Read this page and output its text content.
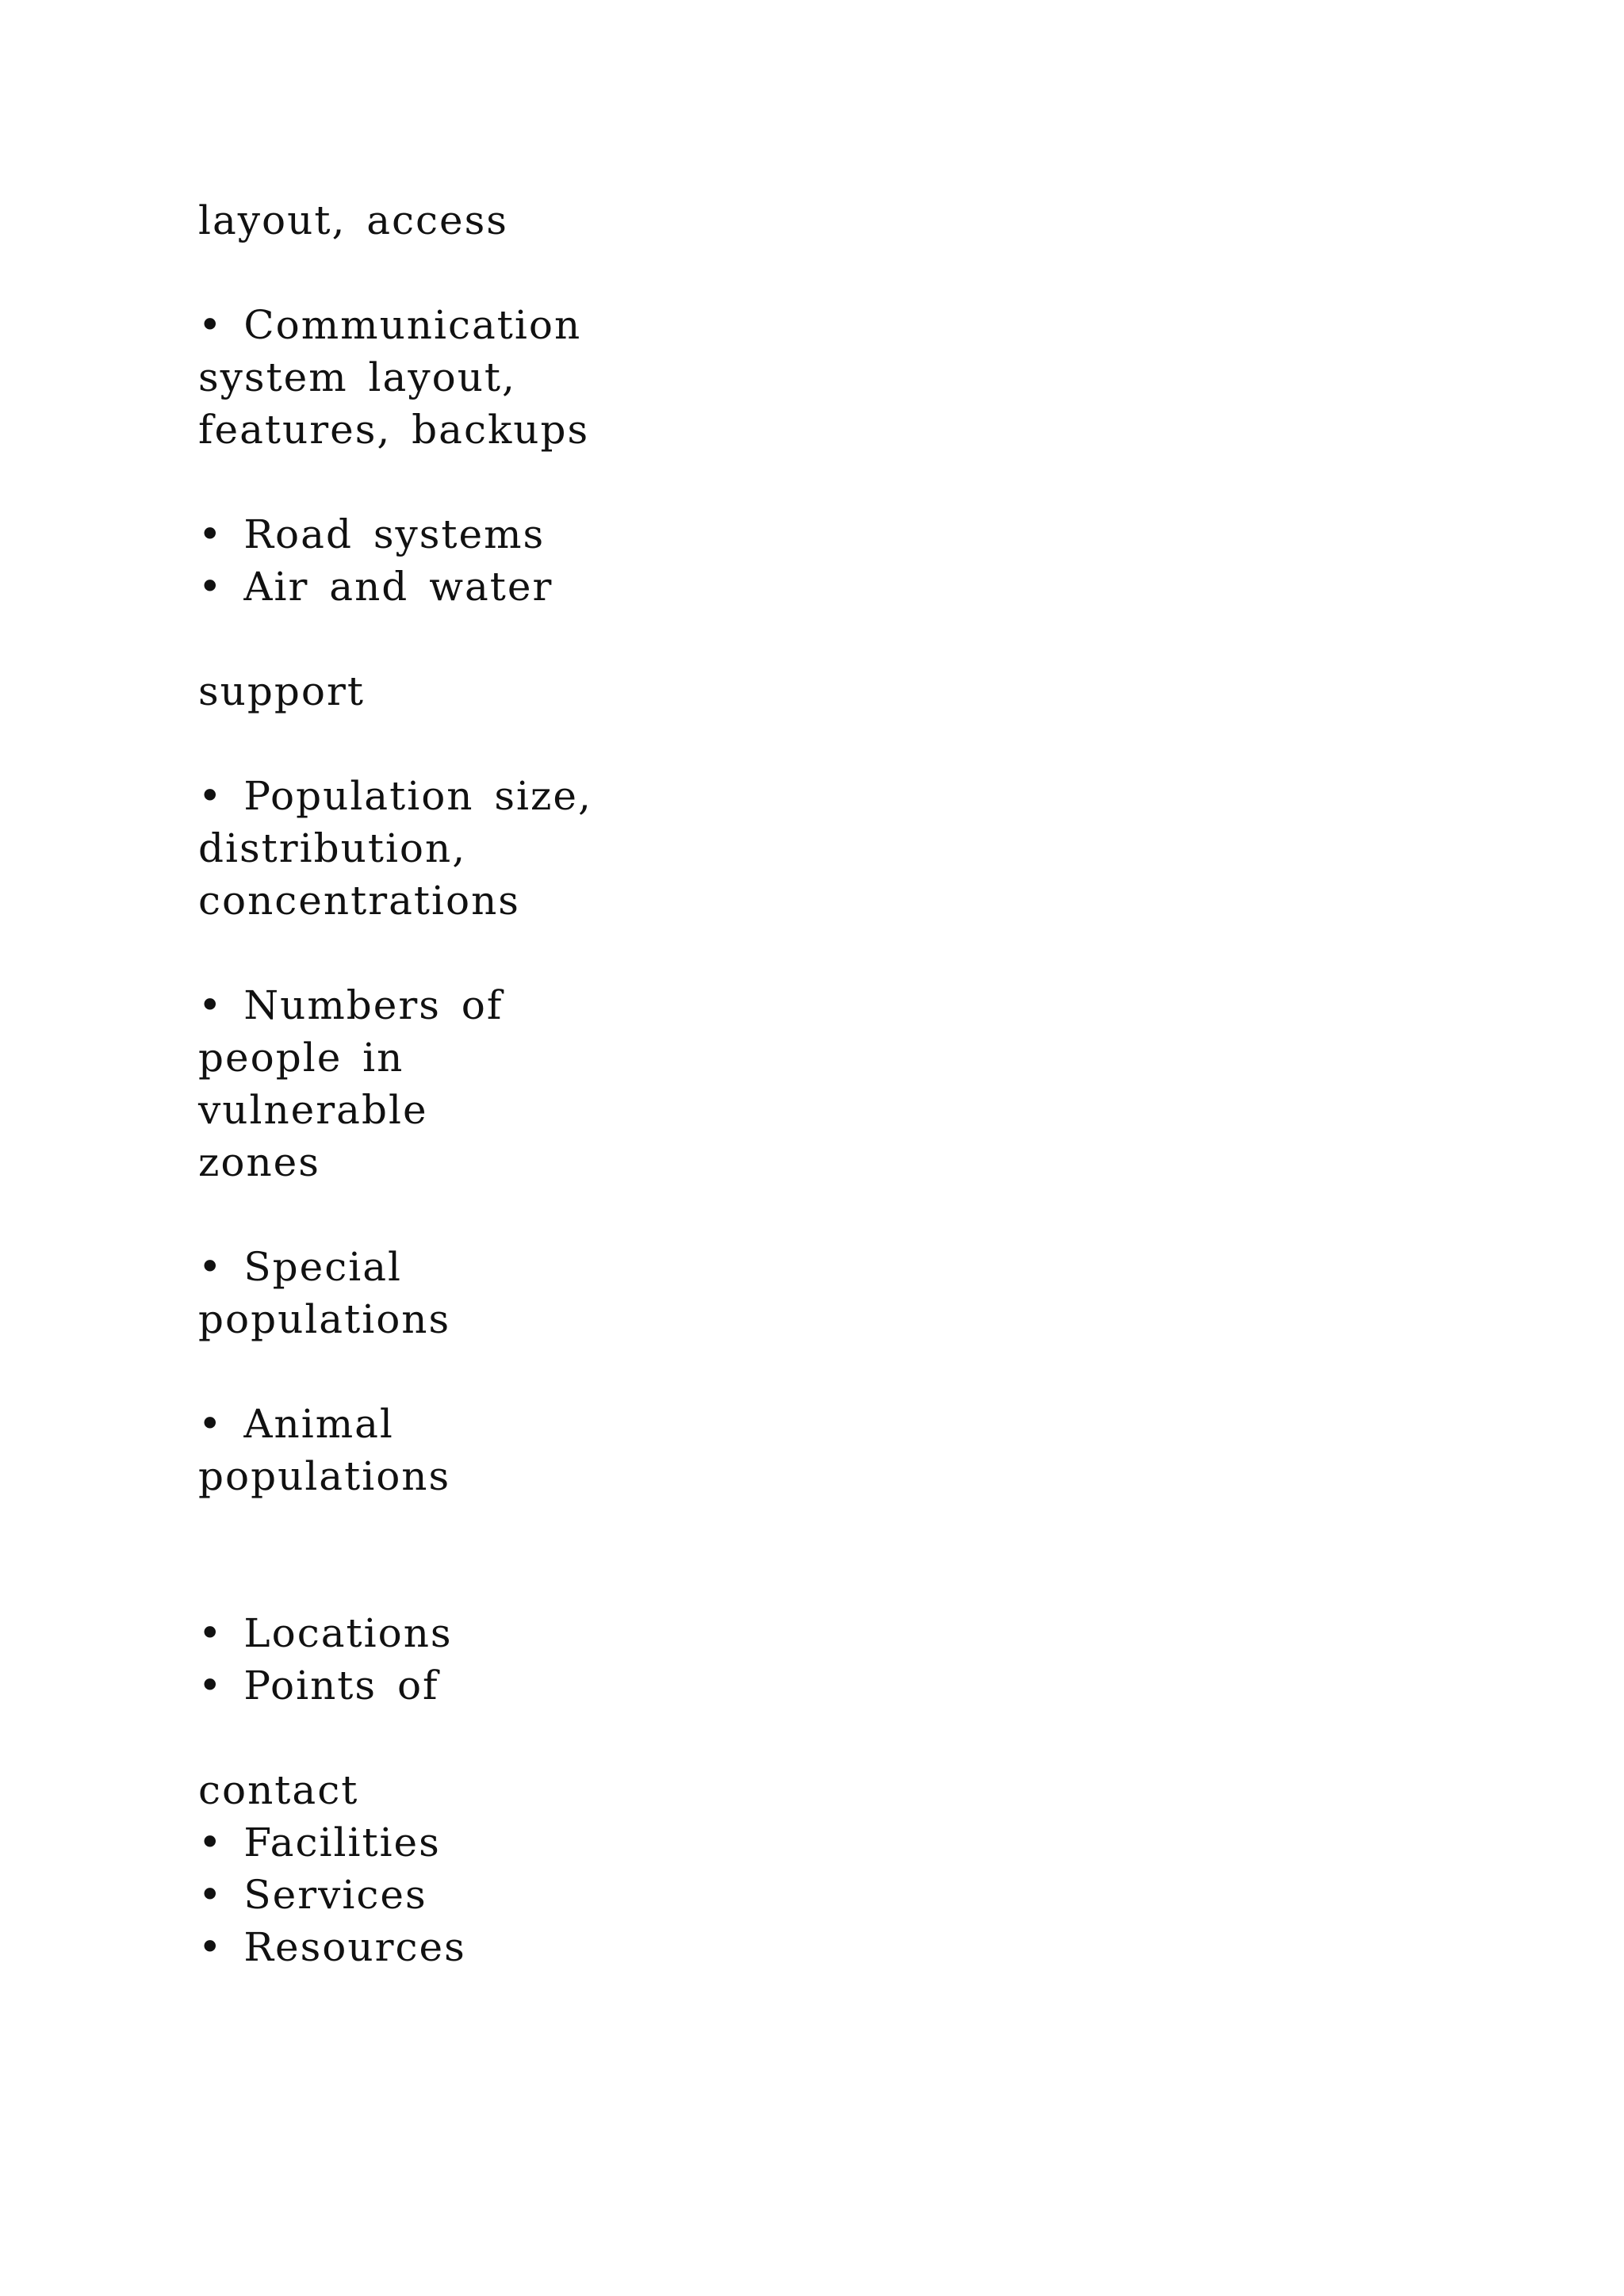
layout, access
• Communication
system layout,
features, backups
• Road systems
• Air and water
support
• Population size,
distribution,
concentrations
• Numbers of
people in
vulnerable
zones
• Special
populations
• Animal
populations
• Locations
• Points of
contact
• Facilities
• Services
• Resources
